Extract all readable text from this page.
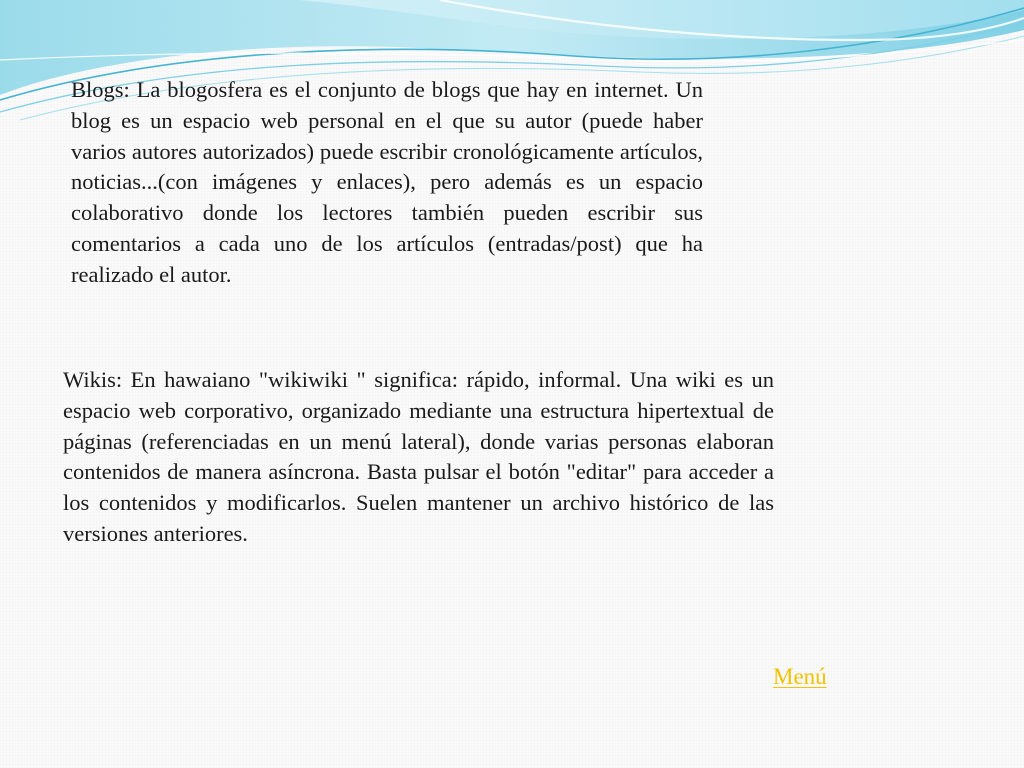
Blogs: La blogosfera es el conjunto de blogs que hay en internet. Un blog es un espacio web personal en el que su autor (puede haber varios autores autorizados) puede escribir cronológicamente artículos, noticias...(con imágenes y enlaces), pero además es un espacio colaborativo donde los lectores también pueden escribir sus comentarios a cada uno de los artículos (entradas/post) que ha realizado el autor.

Wikis: En hawaiano "wikiwiki " significa: rápido, informal. Una wiki es un espacio web corporativo, organizado mediante una estructura hipertextual de páginas (referenciadas en un menú lateral), donde varias personas elaboran contenidos de manera asíncrona. Basta pulsar el botón "editar" para acceder a los contenidos y modificarlos. Suelen mantener un archivo histórico de las versiones anteriores.

Menú
